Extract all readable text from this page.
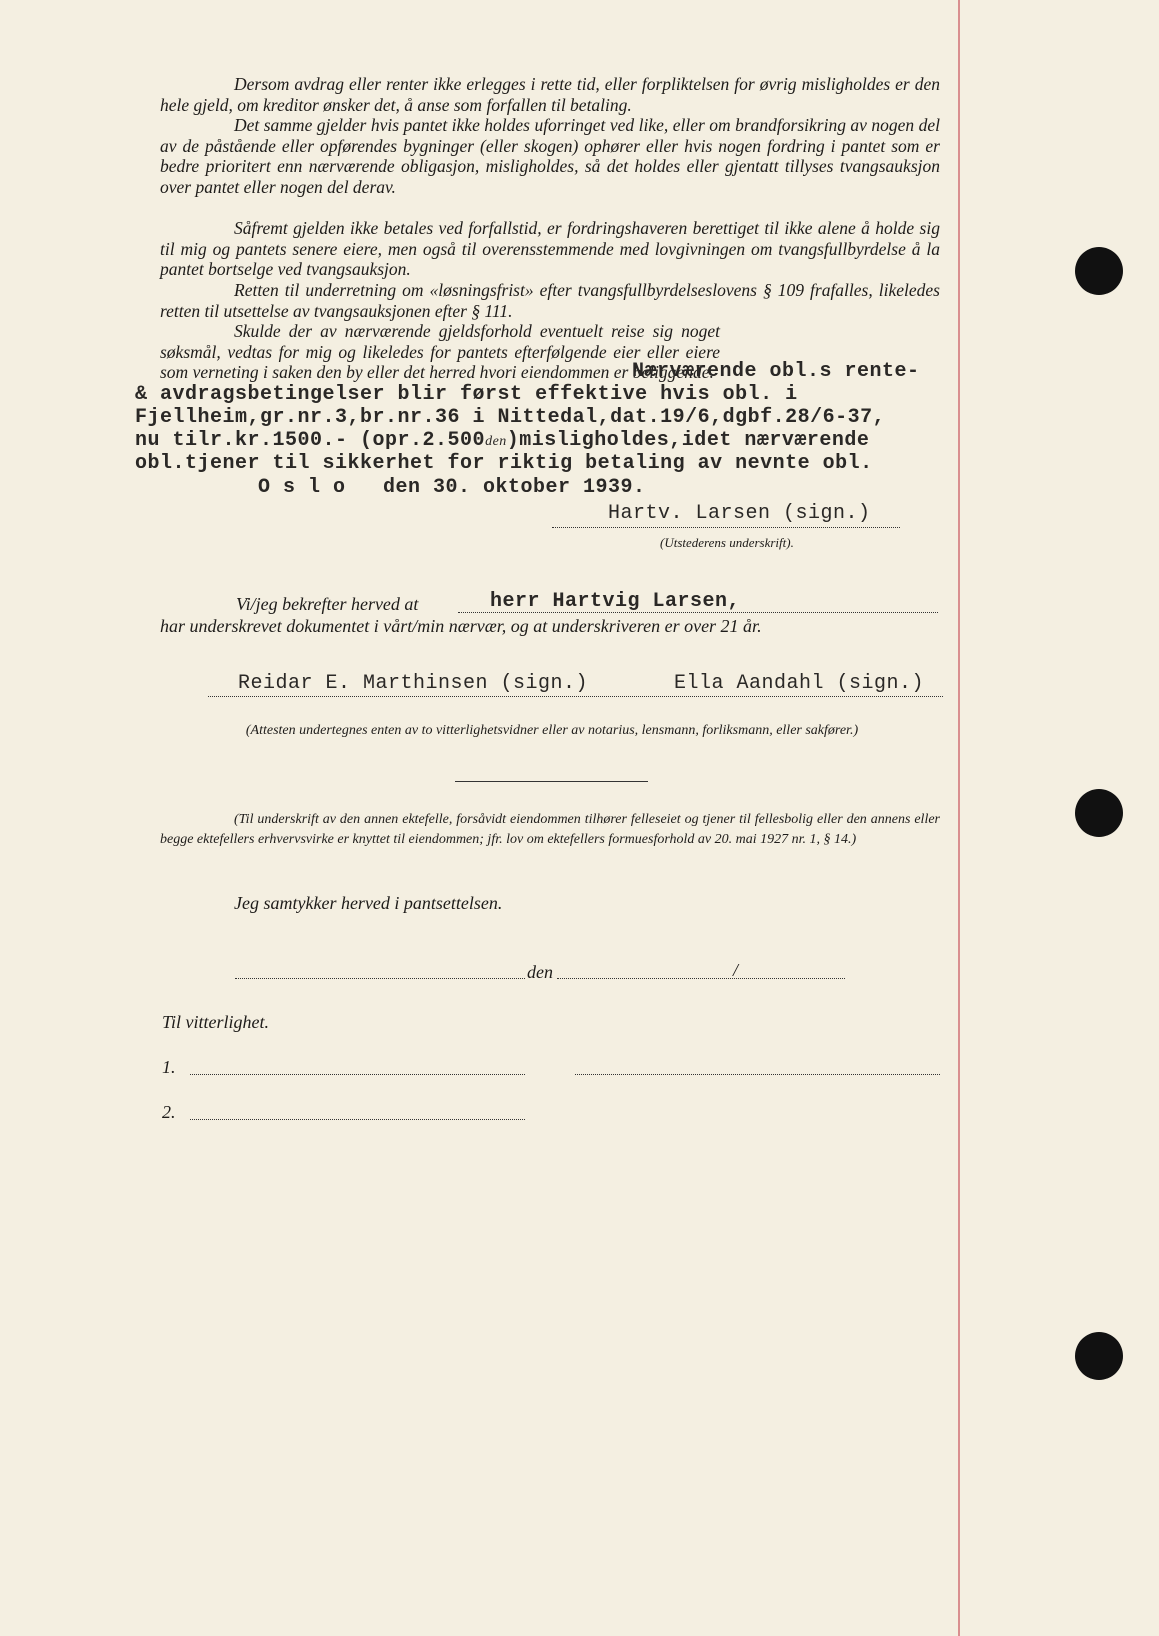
Dersom avdrag eller renter ikke erlegges i rette tid, eller forpliktelsen for øvrig misligholdes er den hele gjeld, om kreditor ønsker det, å anse som forfallen til betaling.

Det samme gjelder hvis pantet ikke holdes uforringet ved like, eller om brandforsikring av nogen del av de påstående eller opførendes bygninger (eller skogen) ophører eller hvis nogen fordring i pantet som er bedre prioritert enn nærværende obligasjon, misligholdes, så det holdes eller gjentatt tillyses tvangsauksjon over pantet eller nogen del derav.

Såfremt gjelden ikke betales ved forfallstid, er fordringshaveren berettiget til ikke alene å holde sig til mig og pantets senere eiere, men også til overensstemmende med lovgivningen om tvangsfullbyrdelse å la pantet bortselge ved tvangsauksjon.

Retten til underretning om «løsningsfrist» efter tvangsfullbyrdelseslovens § 109 frafalles, likeledes retten til utsettelse av tvangsauksjonen efter § 111.

Skulde der av nærværende gjeldsforhold eventuelt reise sig noget søksmål, vedtas for mig og likeledes for pantets efterfølgende eier eller eiere som verneting i saken den by eller det herred hvori eiendommen er beliggende.

Nærværende obl.s rente-
& avdragsbetingelser blir først effektive hvis obl. i
Fjellheim,gr.nr.3,br.nr.36 i Nittedal,dat.19/6,dgbf.28/6-37,
nu tilr.kr.1500.- (opr.2.500den)misligholdes,idet nærværende
obl.tjener til sikkerhet for riktig betaling av nevnte obl.
O s l o   den 30. oktober 1939.
Hartv. Larsen (sign.)
(Utstederens underskrift).
Vi/jeg bekrefter herved at	herr Hartvig Larsen,
har underskrevet dokumentet i vårt/min nærvær, og at underskriveren er over 21 år.
Reidar E. Marthinsen (sign.)	Ella Aandahl (sign.)
(Attesten undertegnes enten av to vitterlighetsvidner eller av notarius, lensmann, forliksmann, eller sakfører.)
(Til underskrift av den annen ektefelle, forsåvidt eiendommen tilhører felleseiet og tjener til fellesbolig eller den annens eller begge ektefellers erhvervsvirke er knyttet til eiendommen; jfr. lov om ektefellers formuesforhold av 20. mai 1927 nr. 1, § 14.)
Jeg samtykker herved i pantsettelsen.
den	/
Til vitterlighet.
1.
2.
